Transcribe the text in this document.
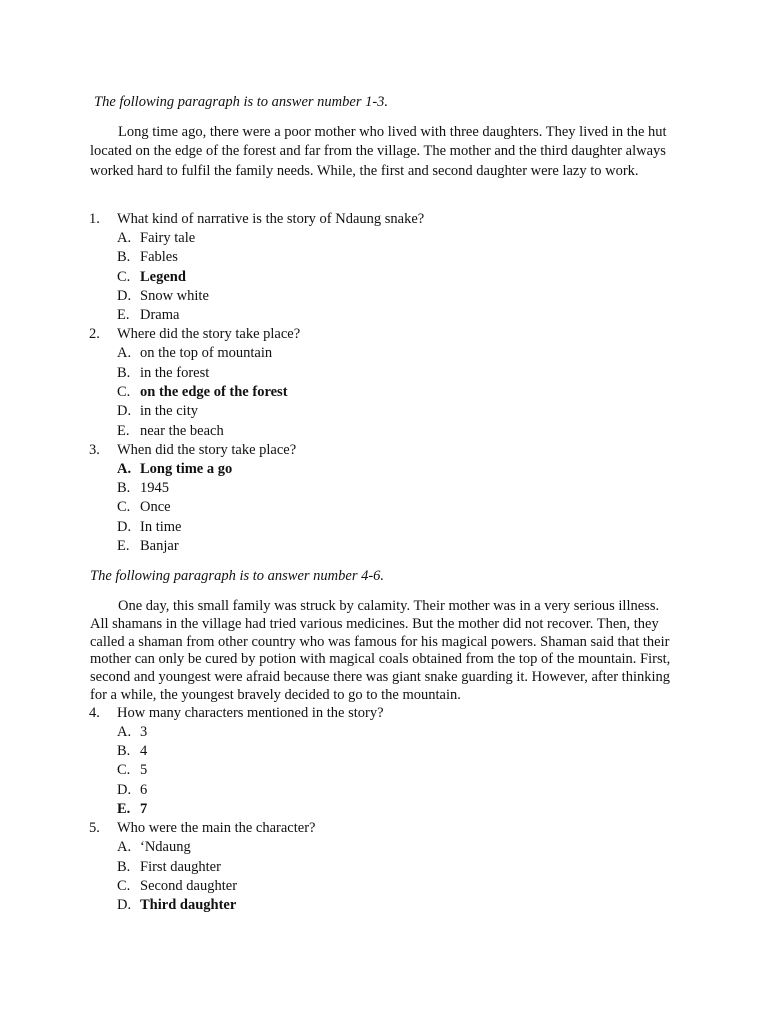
The following paragraph is to answer number 1-3.
Long time ago, there were a poor mother who lived with three daughters. They lived in the hut located on the edge of the forest and far from the village. The mother and the third daughter always worked hard to fulfil the family needs. While, the first and second daughter were lazy to work.
1. What kind of narrative is the story of Ndaung snake?
A. Fairy tale
B. Fables
C. Legend
D. Snow white
E. Drama
2. Where did the story take place?
A. on the top of mountain
B. in the forest
C. on the edge of the forest
D. in the city
E. near the beach
3. When did the story take place?
A. Long time a go
B. 1945
C. Once
D. In time
E. Banjar
The following paragraph is to answer number 4-6.
One day, this small family was struck by calamity. Their mother was in a very serious illness. All shamans in the village had tried various medicines. But the mother did not recover. Then, they called a shaman from other country who was famous for his magical powers. Shaman said that their mother can only be cured by potion with magical coals obtained from the top of the mountain. First, second and youngest were afraid because there was giant snake guarding it. However, after thinking for a while, the youngest bravely decided to go to the mountain.
4. How many characters mentioned in the story?
A. 3
B. 4
C. 5
D. 6
E. 7
5. Who were the main the character?
A. ‘Ndaung
B. First daughter
C. Second daughter
D. Third daughter
